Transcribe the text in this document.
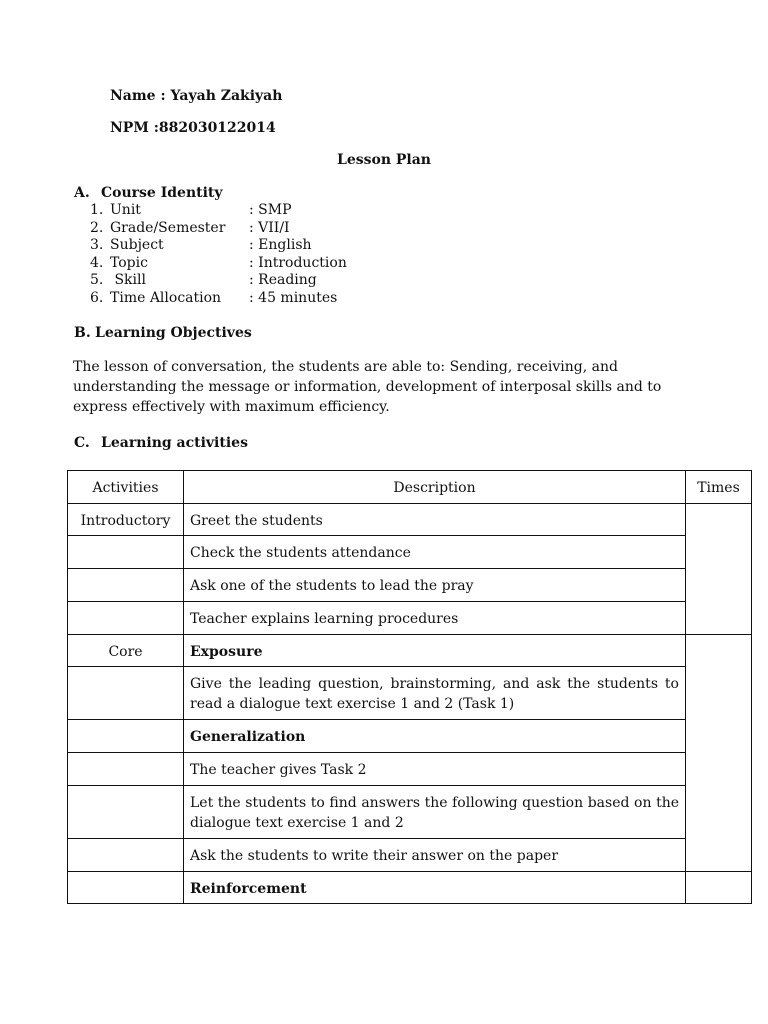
Name : Yayah Zakiyah
NPM :882030122014
Lesson Plan
A. Course Identity
1. Unit	: SMP
2. Grade/Semester : VII/I
3. Subject	: English
4. Topic	: Introduction
5. Skill	: Reading
6. Time Allocation : 45 minutes
B. Learning Objectives
The lesson of conversation, the students are able to: Sending, receiving, and understanding the message or information, development of interposal skills and to express effectively with maximum efficiency.
C. Learning activities
Activities	Description	Times

Introductory	Greet the students	

	Check the students attendance	

	Ask one of the students to lead the pray	

	Teacher explains learning procedures	

Core	Exposure	

	Give the leading question, brainstorming, and ask the students to read a dialogue text exercise 1 and 2 (Task 1)	

	Generalization	

	The teacher gives Task 2	

	Let the students to find answers the following question based on the dialogue text exercise 1 and 2	

	Ask the students to write their answer on the paper	

	Reinforcement	
